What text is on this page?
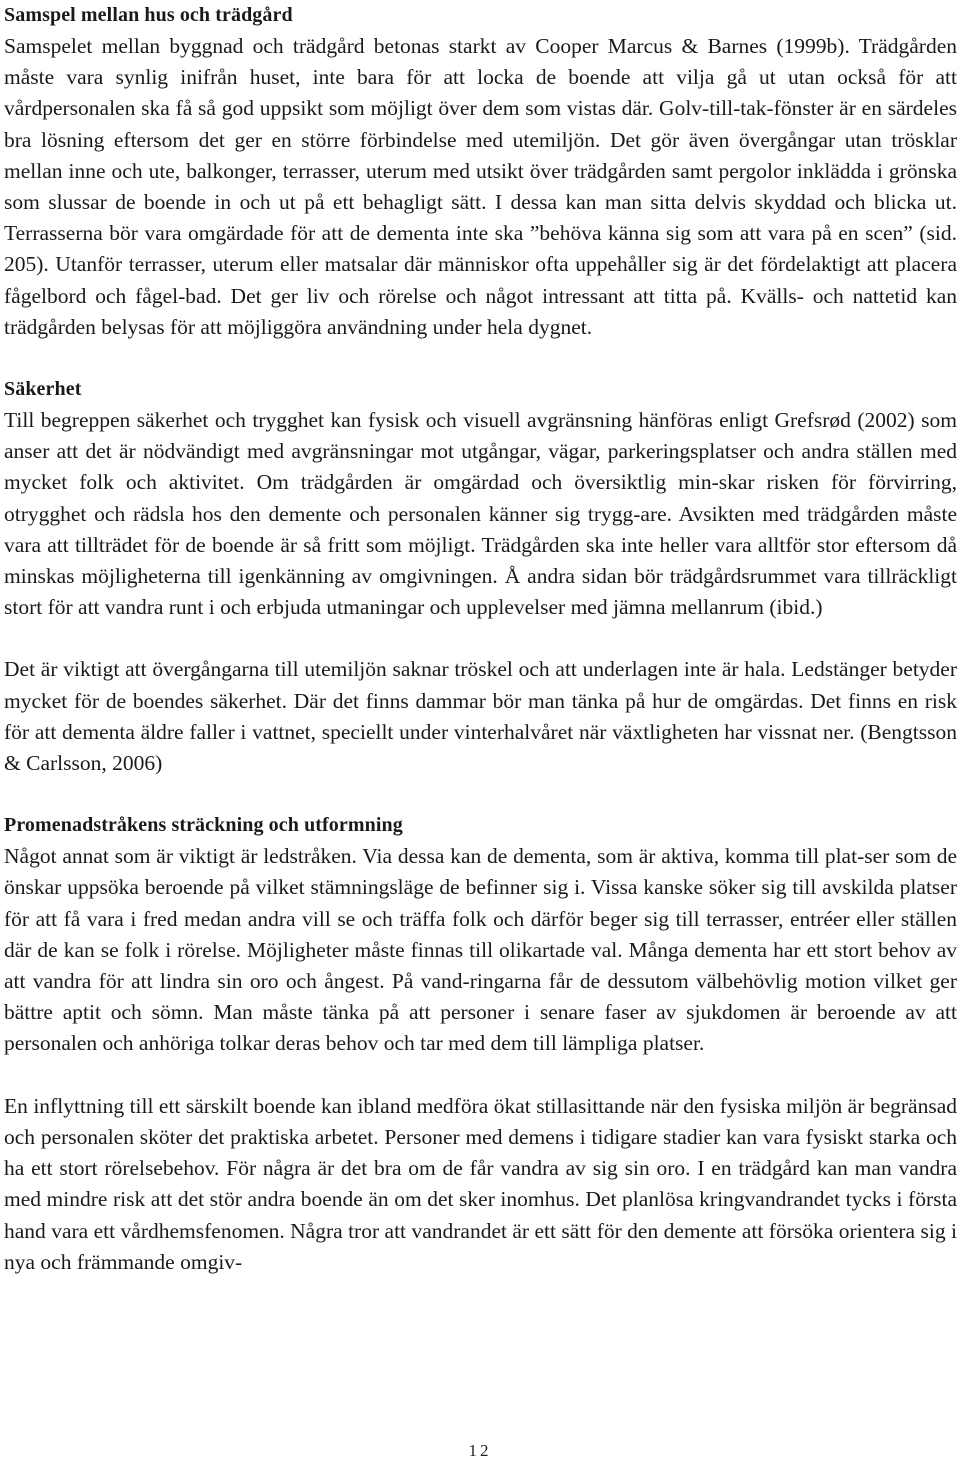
Samspel mellan hus och trädgård

Samspelet mellan byggnad och trädgård betonas starkt av Cooper Marcus & Barnes (1999b). Trädgården måste vara synlig inifrån huset, inte bara för att locka de boende att vilja gå ut utan också för att vårdpersonalen ska få så god uppsikt som möjligt över dem som vistas där. Golv-till-tak-fönster är en särdeles bra lösning eftersom det ger en större förbindelse med utemiljön. Det gör även övergångar utan trösklar mellan inne och ute, balkonger, terrasser, uterum med utsikt över trädgården samt pergolor inklädda i grönska som slussar de boende in och ut på ett behagligt sätt. I dessa kan man sitta delvis skyddad och blicka ut. Terrasserna bör vara omgärdade för att de dementa inte ska ”behöva känna sig som att vara på en scen” (sid. 205). Utanför terrasser, uterum eller matsalar där människor ofta uppehåller sig är det fördelaktigt att placera fågelbord och fågel-bad. Det ger liv och rörelse och något intressant att titta på. Kvälls- och nattetid kan trädgården belysas för att möjliggöra användning under hela dygnet.

Säkerhet

Till begreppen säkerhet och trygghet kan fysisk och visuell avgränsning hänföras enligt Grefsrød (2002) som anser att det är nödvändigt med avgränsningar mot utgångar, vägar, parkeringsplatser och andra ställen med mycket folk och aktivitet. Om trädgården är omgärdad och översiktlig min-skar risken för förvirring, otrygghet och rädsla hos den demente och personalen känner sig trygg-are. Avsikten med trädgården måste vara att tillträdet för de boende är så fritt som möjligt. Trädgården ska inte heller vara alltför stor eftersom då minskas möjligheterna till igenkänning av omgivningen. Å andra sidan bör trädgårdsrummet vara tillräckligt stort för att vandra runt i och erbjuda utmaningar och upplevelser med jämna mellanrum (ibid.)

Det är viktigt att övergångarna till utemiljön saknar tröskel och att underlagen inte är hala. Ledstänger betyder mycket för de boendes säkerhet. Där det finns dammar bör man tänka på hur de omgärdas. Det finns en risk för att dementa äldre faller i vattnet, speciellt under vinterhalvåret när växtligheten har vissnat ner. (Bengtsson & Carlsson, 2006)

Promenadstråkens sträckning och utformning

Något annat som är viktigt är ledstråken. Via dessa kan de dementa, som är aktiva, komma till plat-ser som de önskar uppsöka beroende på vilket stämningsläge de befinner sig i. Vissa kanske söker sig till avskilda platser för att få vara i fred medan andra vill se och träffa folk och därför beger sig till terrasser, entréer eller ställen där de kan se folk i rörelse. Möjligheter måste finnas till olikartade val. Många dementa har ett stort behov av att vandra för att lindra sin oro och ångest. På vand-ringarna får de dessutom välbehövlig motion vilket ger bättre aptit och sömn. Man måste tänka på att personer i senare faser av sjukdomen är beroende av att personalen och anhöriga tolkar deras behov och tar med dem till lämpliga platser.

En inflyttning till ett särskilt boende kan ibland medföra ökat stillasittande när den fysiska miljön är begränsad och personalen sköter det praktiska arbetet. Personer med demens i tidigare stadier kan vara fysiskt starka och ha ett stort rörelsebehov. För några är det bra om de får vandra av sig sin oro. I en trädgård kan man vandra med mindre risk att det stör andra boende än om det sker inomhus. Det planlösa kringvandrandet tycks i första hand vara ett vårdhemsfenomen. Några tror att vandrandet är ett sätt för den demente att försöka orientera sig i nya och främmande omgiv-

12
